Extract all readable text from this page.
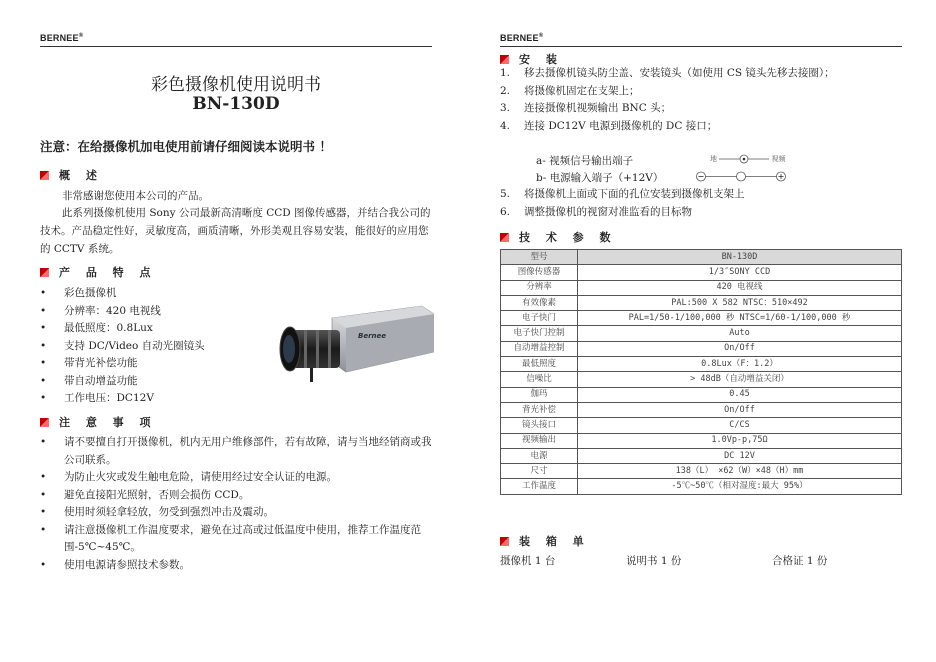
BERNEE®
彩色摄像机使用说明书
BN-130D
注意：在给摄像机加电使用前请仔细阅读本说明书 ！
概 述
非常感谢您使用本公司的产品。
此系列摄像机使用 Sony 公司最新高清晰度 CCD 图像传感器，并结合我公司的技术。产品稳定性好，灵敏度高，画质清晰，外形美观且容易安装，能很好的应用您的 CCTV 系统。
产 品 特 点
• 彩色摄像机
• 分辨率：420 电视线
• 最低照度：0.8Lux
• 支持 DC/Video 自动光圈镜头
• 带背光补偿功能
• 带自动增益功能
• 工作电压：DC12V
Bernee
注 意 事 项
• 请不要擅自打开摄像机，机内无用户维修部件，若有故障，请与当地经销商或我公司联系。
• 为防止火灾或发生触电危险，请使用经过安全认证的电源。
• 避免直接阳光照射，否则会损伤 CCD。
• 使用时须轻拿轻放，勿受到强烈冲击及震动。
• 请注意摄像机工作温度要求，避免在过高或过低温度中使用，推荐工作温度范围-5℃~45℃。
• 使用电源请参照技术参数。
BERNEE®
安 装
1. 移去摄像机镜头防尘盖、安装镜头（如使用 CS 镜头先移去接圈）；
2. 将摄像机固定在支架上；
3. 连接摄像机视频输出 BNC 头；
4. 连接 DC12V 电源到摄像机的 DC 接口；
a- 视频信号输出端子
b- 电源输入端子（+12V）
地	视频
5. 将摄像机上面或下面的孔位安装到摄像机支架上
6. 调整摄像机的视窗对准监看的目标物
技 术 参 数
型号	BN-130D
图像传感器	1/3″SONY CCD
分辨率	420 电视线
有效像素	PAL:500 X 582 NTSC：510×492
电子快门	PAL=1/50-1/100,000 秒 NTSC=1/60-1/100,000 秒
电子快门控制	Auto
自动增益控制	On/Off
最低照度	0.8Lux（F：1.2）
信噪比	> 48dB（自动增益关闭）
伽玛	0.45
背光补偿	On/Off
镜头接口	C/CS
视频输出	1.0Vp-p,75Ω
电源	DC 12V
尺寸	138（L） ×62（W）×48（H）mm
工作温度	-5℃~50℃（相对湿度:最大 95%）
装 箱 单
摄像机 1 台	说明书 1 份	合格证 1 份
